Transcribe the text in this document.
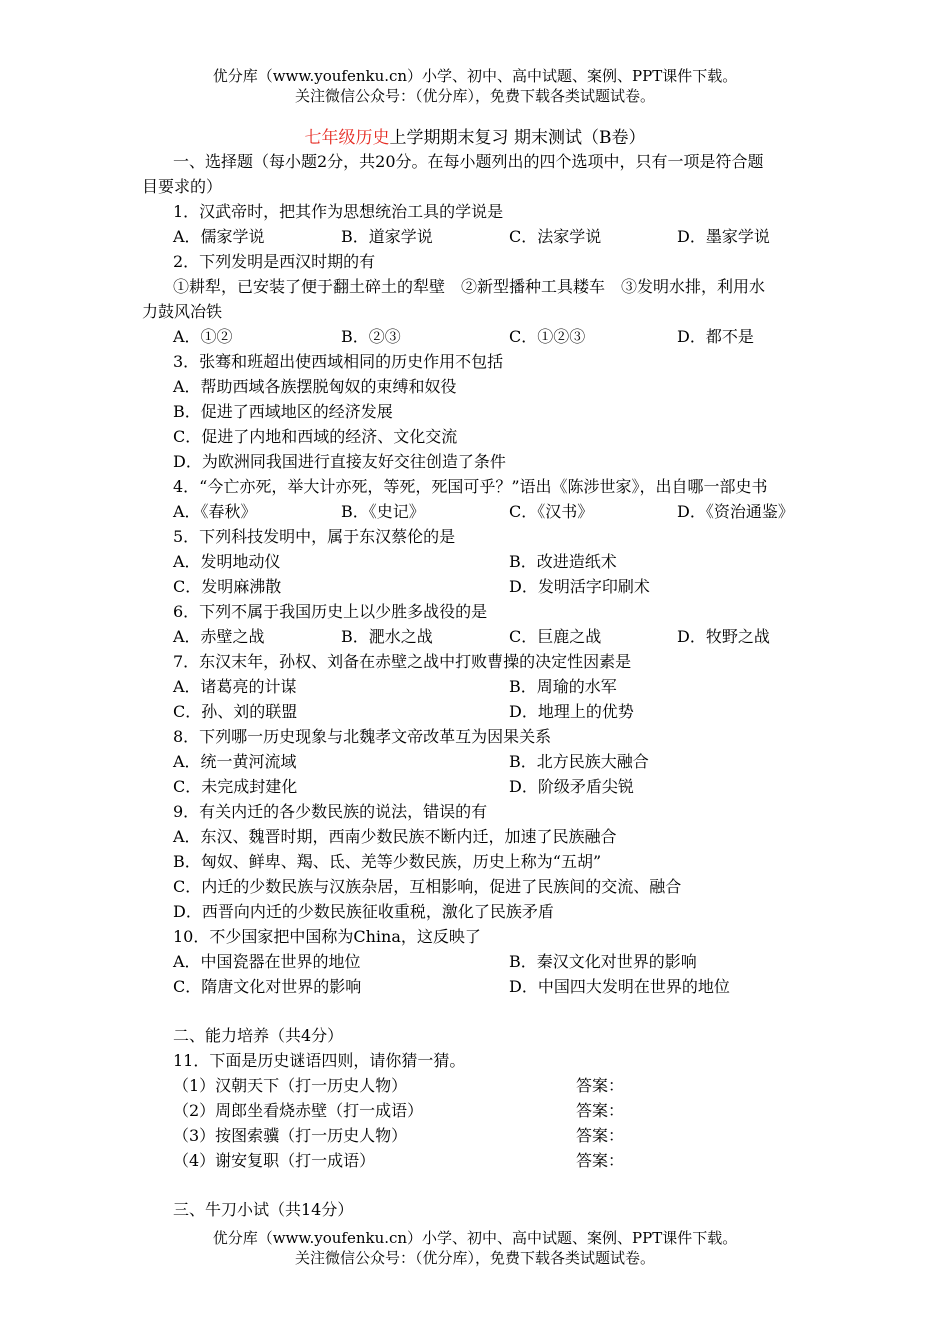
优分库（www.youfenku.cn）小学、初中、高中试题、案例、PPT课件下载。
关注微信公众号：（优分库），免费下载各类试题试卷。
七年级历史上学期期末复习 期末测试（B卷）
一、选择题（每小题2分，共20分。在每小题列出的四个选项中，只有一项是符合题
目要求的）
1．汉武帝时，把其作为思想统治工具的学说是
A．儒家学说	B．道家学说	C．法家学说	D．墨家学说
2．下列发明是西汉时期的有
①耕犁，已安装了便于翻土碎土的犁壁　②新型播种工具耧车　③发明水排，利用水
力鼓风冶铁
A．①②	B．②③	C．①②③	D．都不是
3．张骞和班超出使西域相同的历史作用不包括
A．帮助西域各族摆脱匈奴的束缚和奴役
B．促进了西域地区的经济发展
C．促进了内地和西域的经济、文化交流
D．为欧洲同我国进行直接友好交往创造了条件
4．“今亡亦死，举大计亦死，等死，死国可乎？”语出《陈涉世家》，出自哪一部史书
A．《春秋》	B．《史记》	C．《汉书》	D．《资治通鉴》
5．下列科技发明中，属于东汉蔡伦的是
A．发明地动仪	B．改进造纸术
C．发明麻沸散	D．发明活字印刷术
6．下列不属于我国历史上以少胜多战役的是
A．赤壁之战	B．淝水之战	C．巨鹿之战	D．牧野之战
7．东汉末年，孙权、刘备在赤壁之战中打败曹操的决定性因素是
A．诸葛亮的计谋	B．周瑜的水军
C．孙、刘的联盟	D．地理上的优势
8．下列哪一历史现象与北魏孝文帝改革互为因果关系
A．统一黄河流域	B．北方民族大融合
C．未完成封建化	D．阶级矛盾尖锐
9．有关内迁的各少数民族的说法，错误的有
A．东汉、魏晋时期，西南少数民族不断内迁，加速了民族融合
B．匈奴、鲜卑、羯、氐、羌等少数民族，历史上称为“五胡”
C．内迁的少数民族与汉族杂居，互相影响，促进了民族间的交流、融合
D．西晋向内迁的少数民族征收重税，激化了民族矛盾
10．不少国家把中国称为China，这反映了
A．中国瓷器在世界的地位	B．秦汉文化对世界的影响
C．隋唐文化对世界的影响	D．中国四大发明在世界的地位
二、能力培养（共4分）
11．下面是历史谜语四则，请你猜一猜。
（1）汉朝天下（打一历史人物）	答案：
（2）周郎坐看烧赤壁（打一成语）	答案：
（3）按图索骥（打一历史人物）	答案：
（4）谢安复职（打一成语）	答案：
三、牛刀小试（共14分）
优分库（www.youfenku.cn）小学、初中、高中试题、案例、PPT课件下载。
关注微信公众号：（优分库），免费下载各类试题试卷。
